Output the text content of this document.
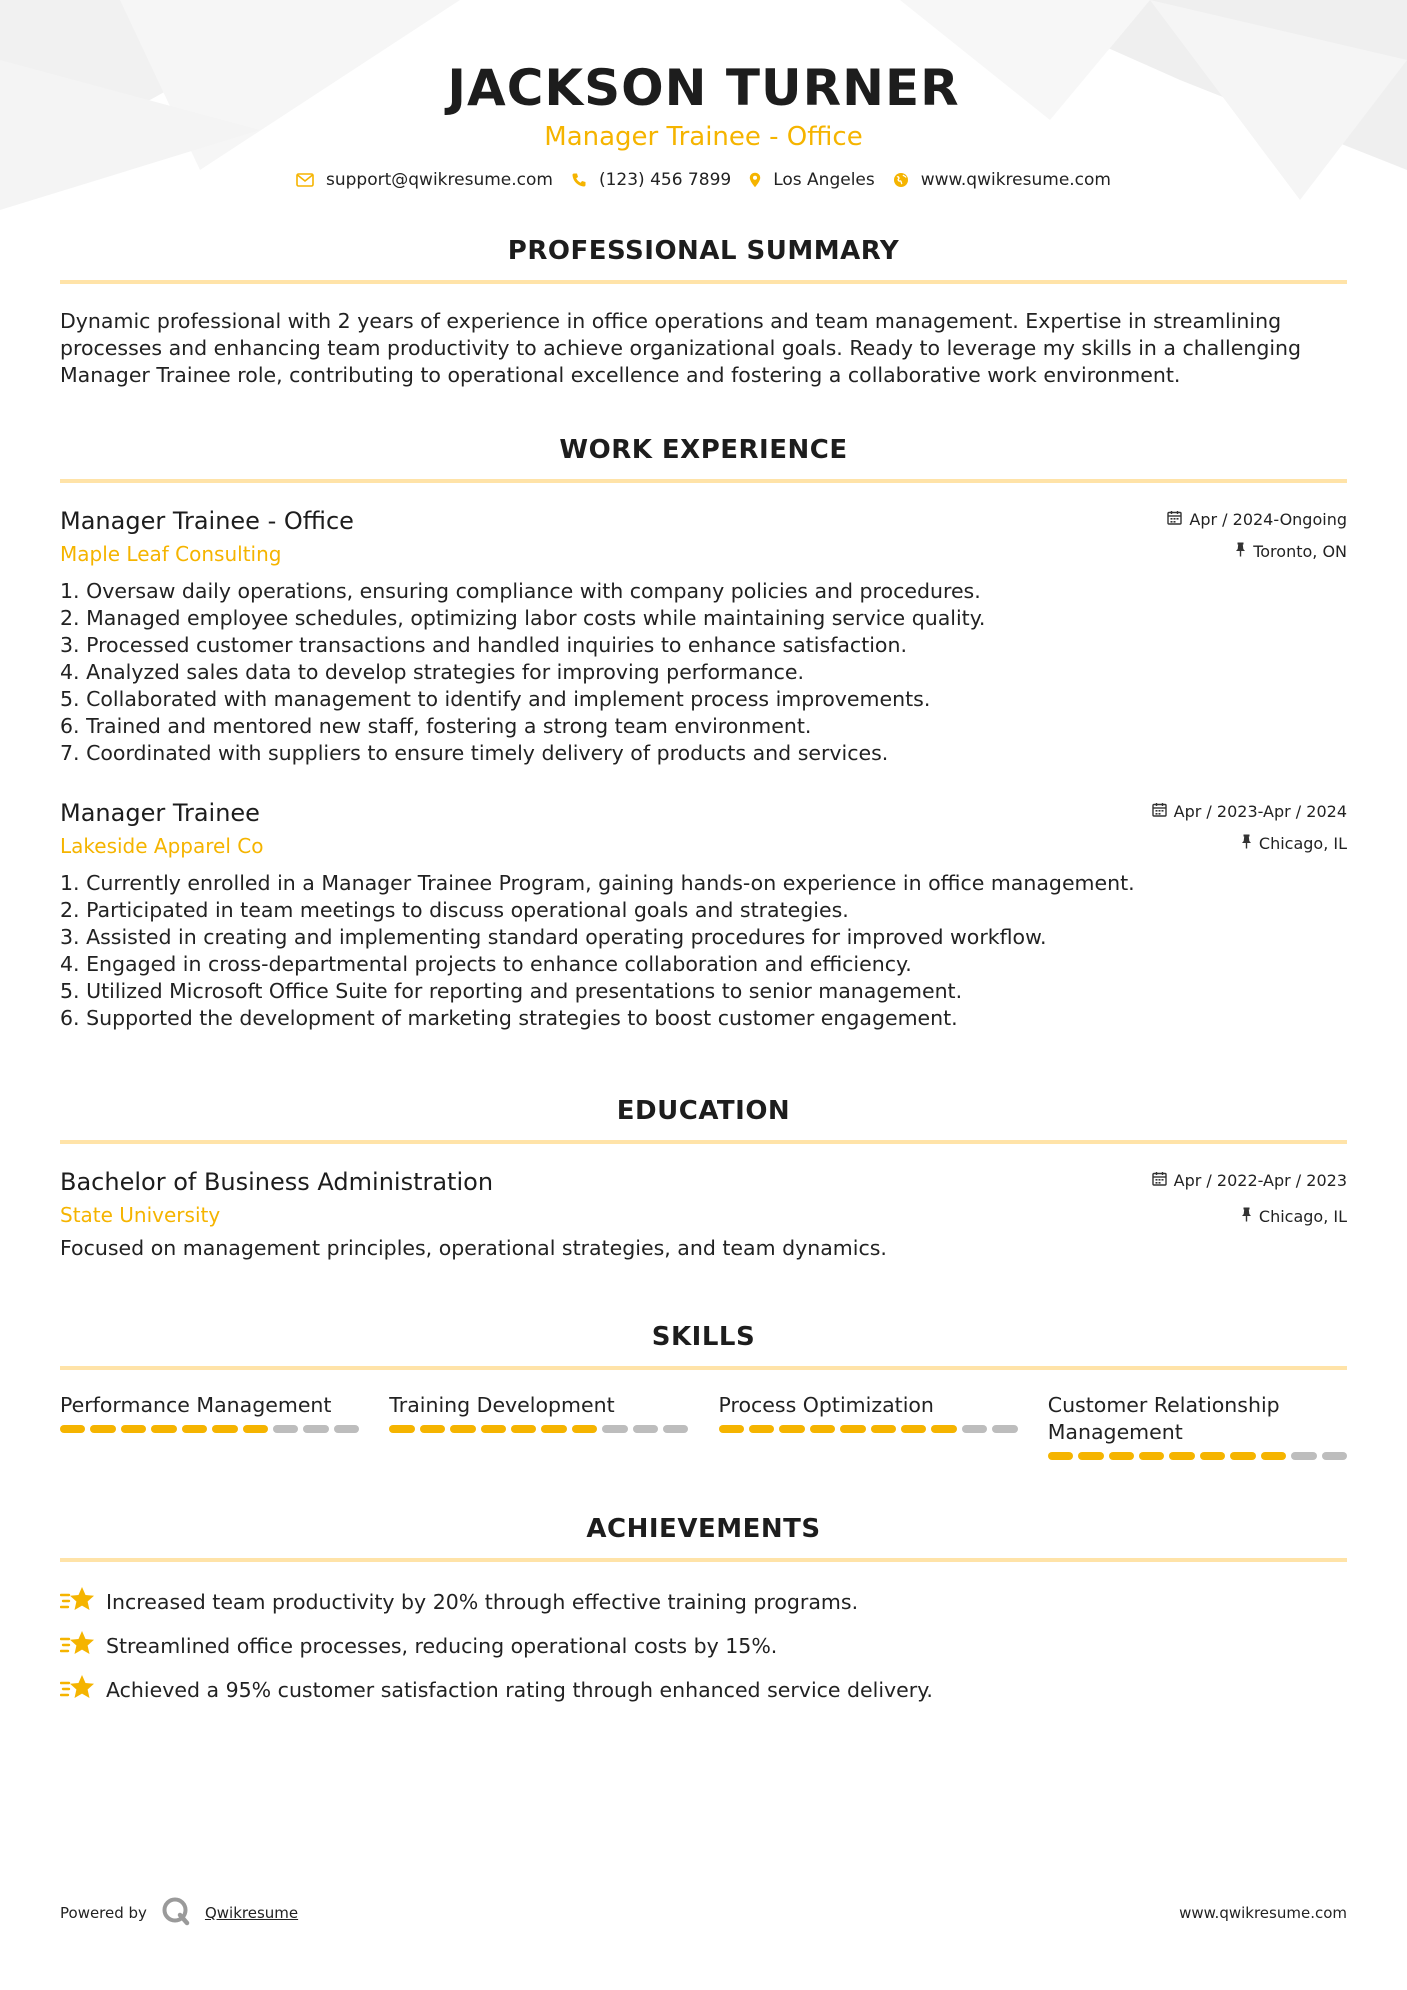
JACKSON TURNER
Manager Trainee - Office
support@qwikresume.com	(123) 456 7899 Los Angeles	www.qwikresume.com
PROFESSIONAL SUMMARY
Dynamic professional with 2 years of experience in office operations and team management. Expertise in streamlining processes and enhancing team productivity to achieve organizational goals. Ready to leverage my skills in a challenging Manager Trainee role, contributing to operational excellence and fostering a collaborative work environment.
WORK EXPERIENCE
Manager Trainee - Office
Maple Leaf Consulting
Apr / 2024-Ongoing
Toronto, ON
1. Oversaw daily operations, ensuring compliance with company policies and procedures.
2. Managed employee schedules, optimizing labor costs while maintaining service quality.
3. Processed customer transactions and handled inquiries to enhance satisfaction.
4. Analyzed sales data to develop strategies for improving performance.
5. Collaborated with management to identify and implement process improvements.
6. Trained and mentored new staff, fostering a strong team environment.
7. Coordinated with suppliers to ensure timely delivery of products and services.
Manager Trainee
Lakeside Apparel Co
Apr / 2023-Apr / 2024
Chicago, IL
1. Currently enrolled in a Manager Trainee Program, gaining hands-on experience in office management.
2. Participated in team meetings to discuss operational goals and strategies.
3. Assisted in creating and implementing standard operating procedures for improved workflow.
4. Engaged in cross-departmental projects to enhance collaboration and efficiency.
5. Utilized Microsoft Office Suite for reporting and presentations to senior management.
6. Supported the development of marketing strategies to boost customer engagement.
EDUCATION
Bachelor of Business Administration
State University
Apr / 2022-Apr / 2023
Chicago, IL
Focused on management principles, operational strategies, and team dynamics.
SKILLS
Performance Management	Training Development	Process Optimization	Customer Relationship Management
ACHIEVEMENTS
Increased team productivity by 20% through effective training programs.
Streamlined office processes, reducing operational costs by 15%.
Achieved a 95% customer satisfaction rating through enhanced service delivery.
Powered by	Qwikresume	www.qwikresume.com
